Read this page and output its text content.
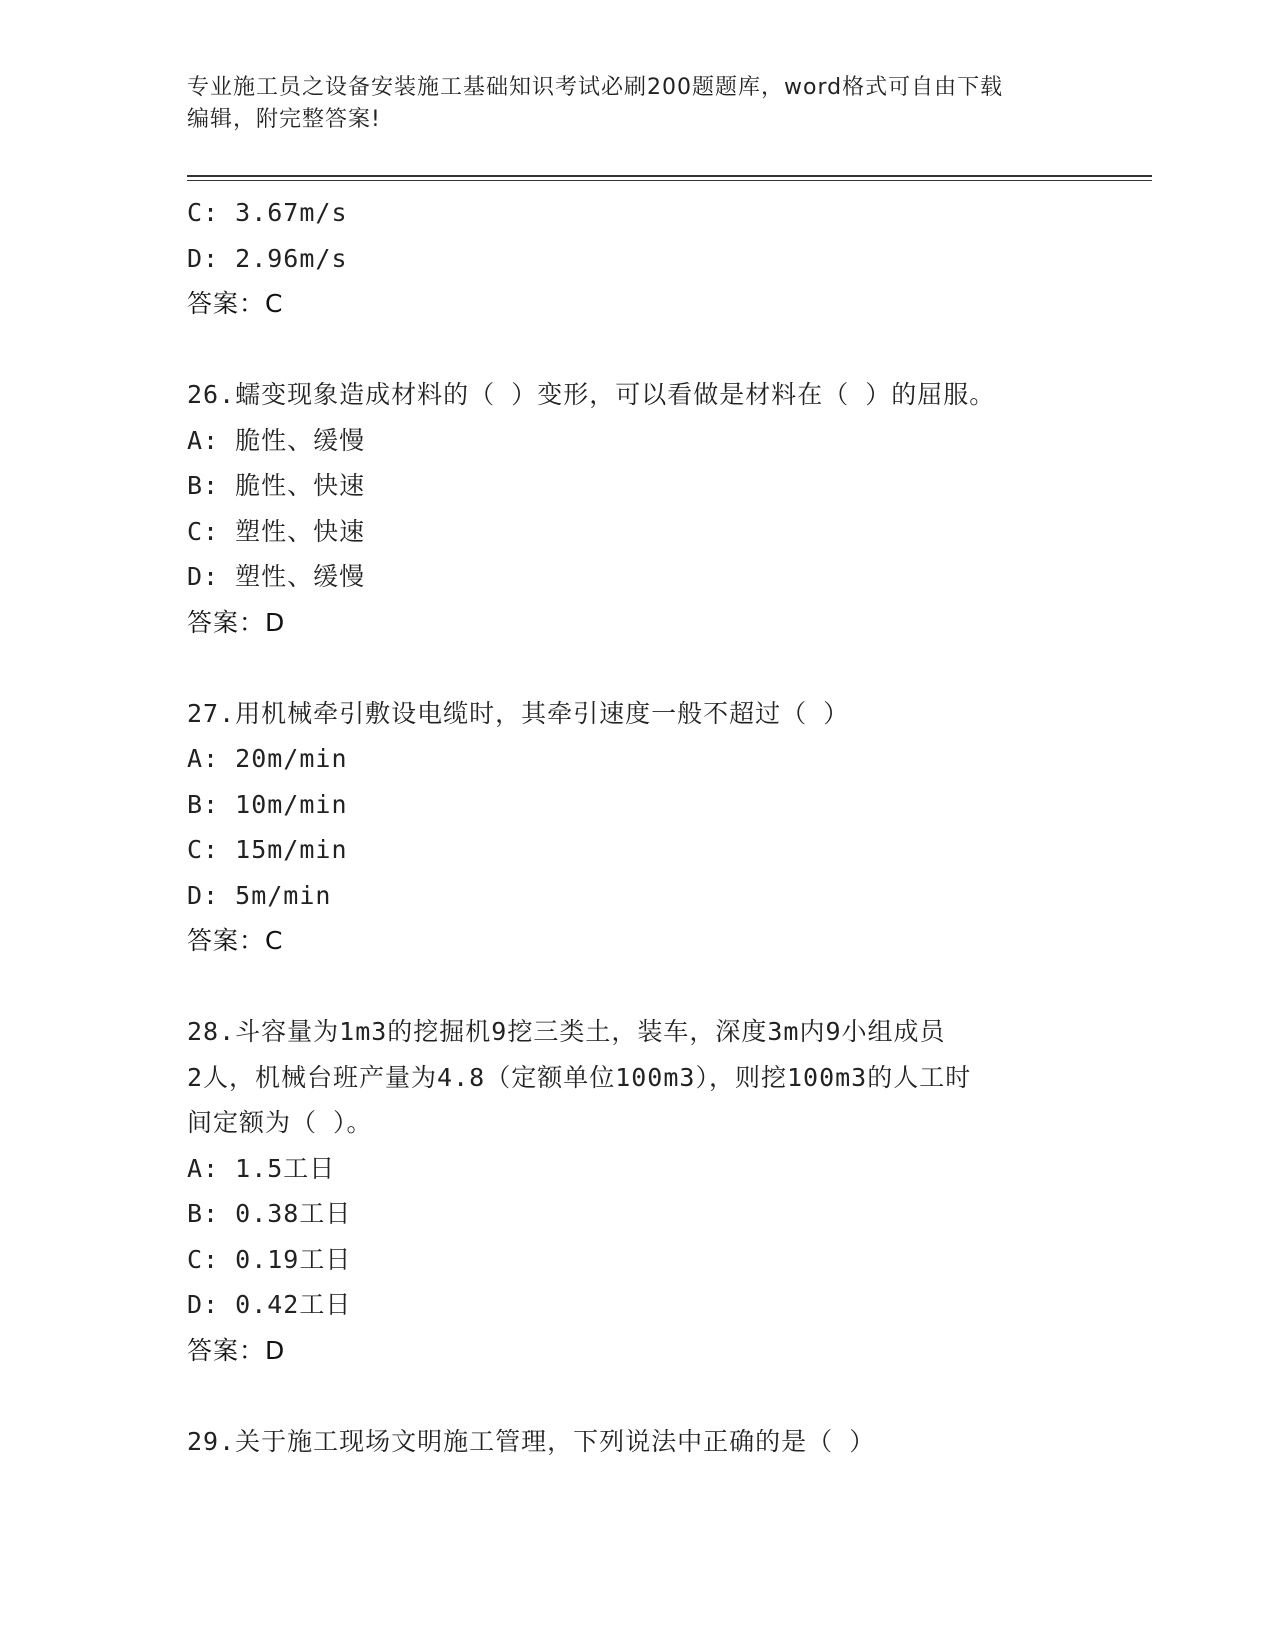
专业施工员之设备安装施工基础知识考试必刷200题题库，word格式可自由下载
编辑，附完整答案!
C: 3.67m/s
D: 2.96m/s
答案：C
26.蠕变现象造成材料的（ ）变形，可以看做是材料在（ ）的屈服。
A: 脆性、缓慢
B: 脆性、快速
C: 塑性、快速
D: 塑性、缓慢
答案：D
27.用机械牵引敷设电缆时，其牵引速度一般不超过（ ）
A: 20m/min
B: 10m/min
C: 15m/min
D: 5m/min
答案：C
28.斗容量为1m3的挖掘机9挖三类土，装车，深度3m内9小组成员
2人，机械台班产量为4.8（定额单位100m3），则挖100m3的人工时
间定额为（ ）。
A: 1.5工日
B: 0.38工日
C: 0.19工日
D: 0.42工日
答案：D
29.关于施工现场文明施工管理，下列说法中正确的是（ ）
